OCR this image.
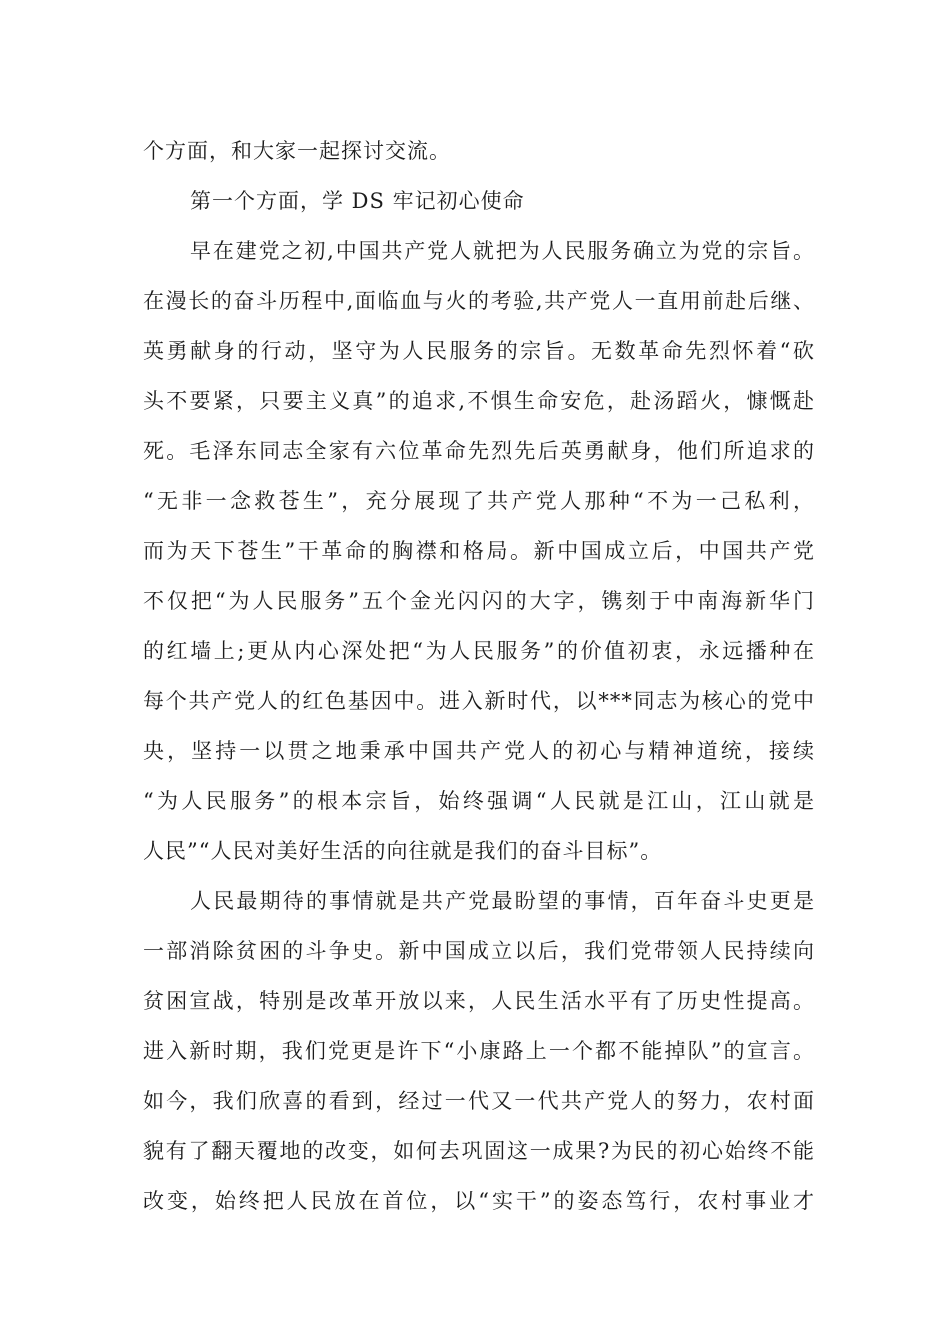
个方面，和大家一起探讨交流。
第一个方面，学 DS 牢记初心使命
早在建党之初,中国共产党人就把为人民服务确立为党的宗旨。
在漫长的奋斗历程中,面临血与火的考验,共产党人一直用前赴后继、
英勇献身的行动，坚守为人民服务的宗旨。无数革命先烈怀着“砍
头不要紧，只要主义真”的追求,不惧生命安危，赴汤蹈火，慷慨赴
死。毛泽东同志全家有六位革命先烈先后英勇献身，他们所追求的
“无非一念救苍生”，充分展现了共产党人那种“不为一己私利，
而为天下苍生”干革命的胸襟和格局。新中国成立后，中国共产党
不仅把“为人民服务”五个金光闪闪的大字，镌刻于中南海新华门
的红墙上;更从内心深处把“为人民服务”的价值初衷，永远播种在
每个共产党人的红色基因中。进入新时代，以***同志为核心的党中
央，坚持一以贯之地秉承中国共产党人的初心与精神道统，接续
“为人民服务”的根本宗旨，始终强调“人民就是江山，江山就是
人民”“人民对美好生活的向往就是我们的奋斗目标”。
人民最期待的事情就是共产党最盼望的事情，百年奋斗史更是
一部消除贫困的斗争史。新中国成立以后，我们党带领人民持续向
贫困宣战，特别是改革开放以来，人民生活水平有了历史性提高。
进入新时期，我们党更是许下“小康路上一个都不能掉队”的宣言。
如今，我们欣喜的看到，经过一代又一代共产党人的努力，农村面
貌有了翻天覆地的改变，如何去巩固这一成果?为民的初心始终不能
改变，始终把人民放在首位，以“实干”的姿态笃行，农村事业才
